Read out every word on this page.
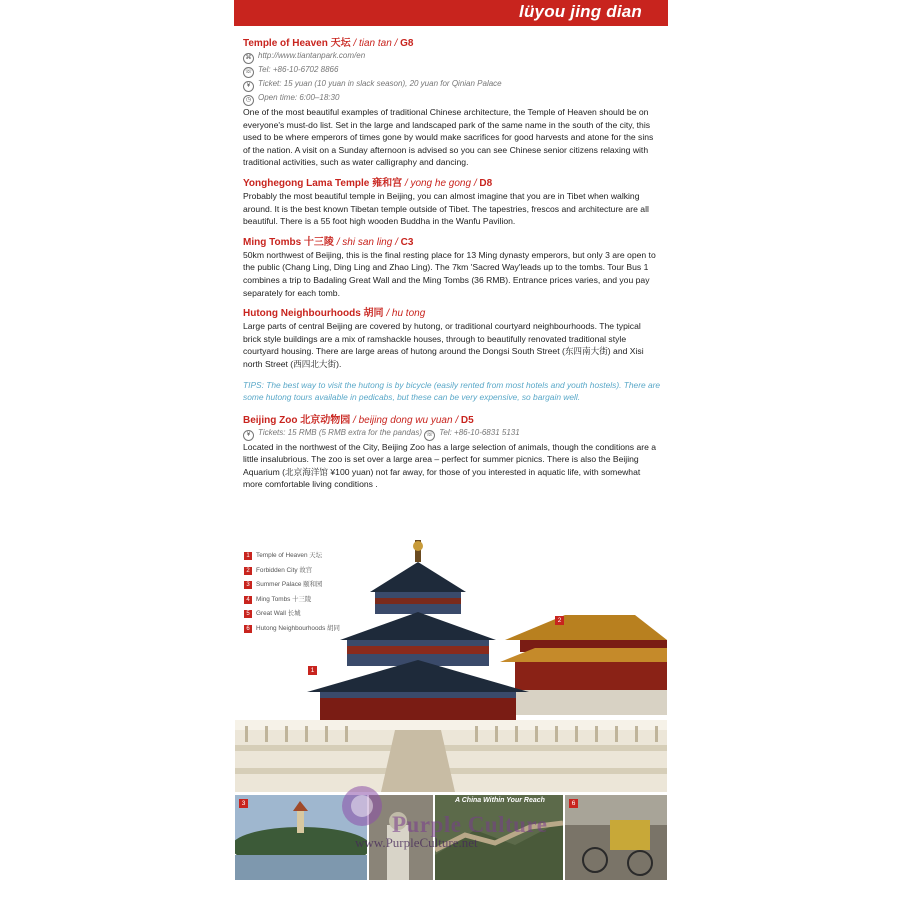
lüyou jing dian
Temple of Heaven 天坛 / tian tan / G8
⌘ http://www.tiantanpark.com/en
☏ Tel: +86-10-6702 8866
¥ Ticket: 15 yuan (10 yuan in slack season), 20 yuan for Qinian Palace
◷ Open time: 6:00–18:30
One of the most beautiful examples of traditional Chinese architecture, the Temple of Heaven should be on everyone's must-do list. Set in the large and landscaped park of the same name in the south of the city, this used to be where emperors of times gone by would make sacrifices for good harvests and atone for the sins of the nation. A visit on a Sunday afternoon is advised so you can see Chinese senior citizens relaxing with traditional activities, such as water calligraphy and dancing.
Yonghegong Lama Temple 雍和宫 / yong he gong / D8
Probably the most beautiful temple in Beijing, you can almost imagine that you are in Tibet when walking around. It is the best known Tibetan temple outside of Tibet. The tapestries, frescos and architecture are all beautiful. There is a 55 foot high wooden Buddha in the Wanfu Pavilion.
Ming Tombs 十三陵 / shi san ling / C3
50km northwest of Beijing, this is the final resting place for 13 Ming dynasty emperors, but only 3 are open to the public (Chang Ling, Ding Ling and Zhao Ling). The 7km 'Sacred Way'leads up to the tombs. Tour Bus 1 combines a trip to Badaling Great Wall and the Ming Tombs (36 RMB). Entrance prices varies, and you pay separately for each tomb.
Hutong Neighbourhoods 胡同 / hu tong
Large parts of central Beijing are covered by hutong, or traditional courtyard neighbourhoods. The typical brick style buildings are a mix of ramshackle houses, through to beautifully renovated traditional style courtyard housing. There are large areas of hutong around the Dongsi South Street (东四南大街) and Xisi north Street (西四北大街).
TIPS: The best way to visit the hutong is by bicycle (easily rented from most hotels and youth hostels). There are some hutong tours available in pedicabs, but these can be very expensive, so bargain well.
Beijing Zoo 北京动物园 / beijing dong wu yuan / D5
¥ Tickets: 15 RMB (5 RMB extra for the pandas) ☏ Tel: +86-10-6831 5131
Located in the northwest of the City, Beijing Zoo has a large selection of animals, though the conditions are a little insalubrious. The zoo is set over a large area – perfect for summer picnics. There is also the Beijing Aquarium (北京海洋馆 ¥100 yuan) not far away, for those of you interested in aquatic life, with somewhat more comfortable living conditions .
1
2
1 Temple of Heaven 天坛
2 Forbidden City 故宫
3 Summer Palace 颐和园
4 Ming Tombs 十三陵
5 Great Wall 长城
6 Hutong Neighbourhoods 胡同
3	A China Within Your Reach	6
Purple Culture
www.PurpleCulture.net
